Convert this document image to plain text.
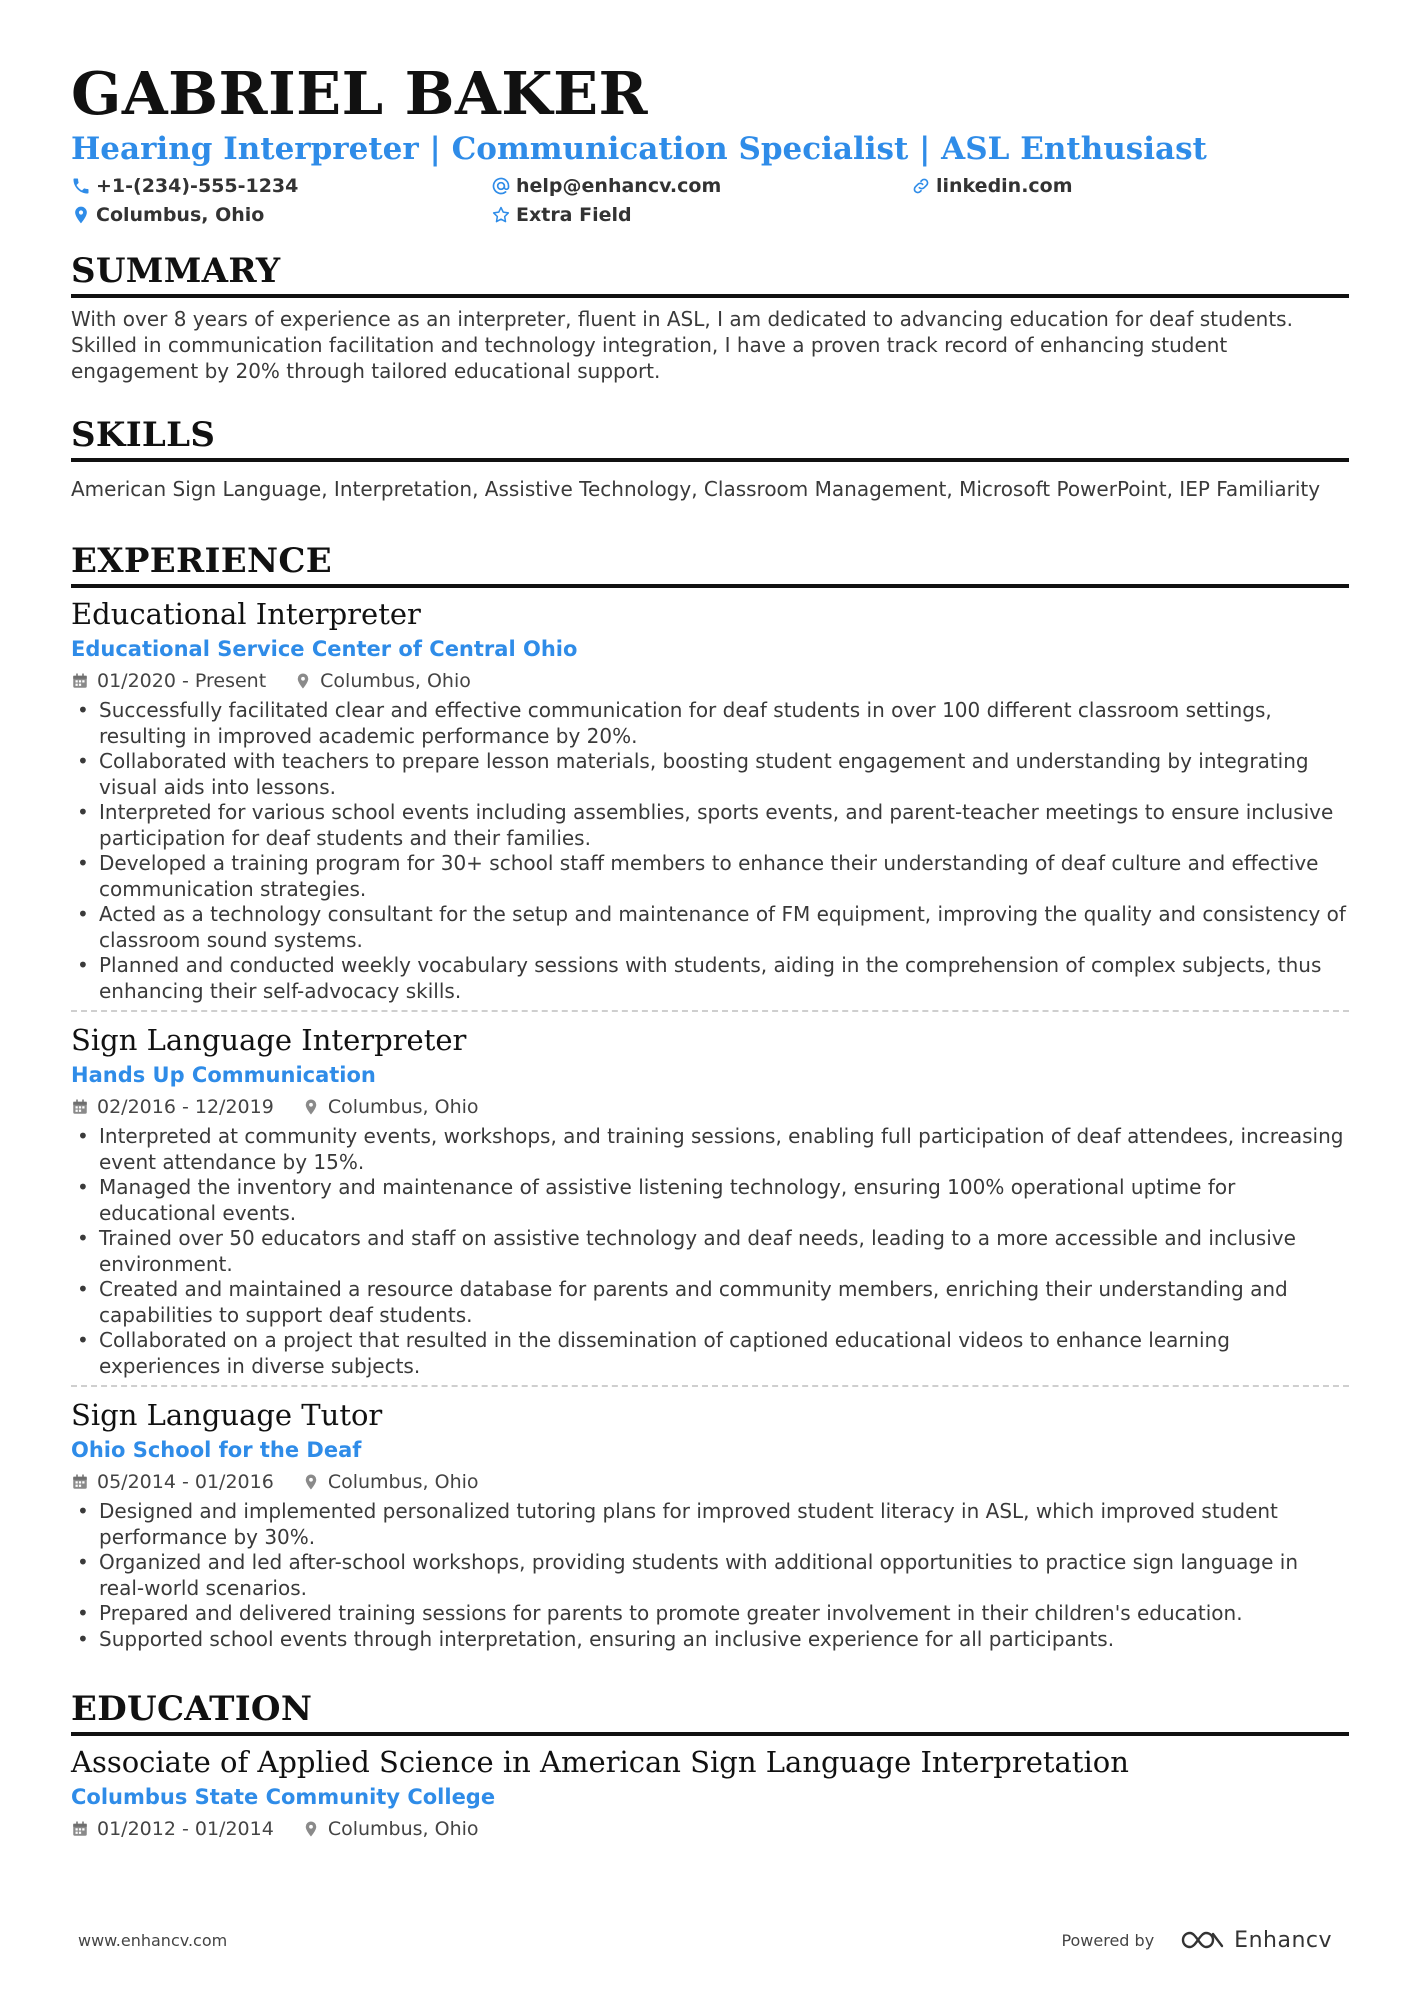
GABRIEL BAKER
Hearing Interpreter | Communication Specialist | ASL Enthusiast
+1-(234)-555-1234	help@enhancv.com	linkedin.com
Columbus, Ohio	Extra Field
SUMMARY
With over 8 years of experience as an interpreter, fluent in ASL, I am dedicated to advancing education for deaf students. Skilled in communication facilitation and technology integration, I have a proven track record of enhancing student engagement by 20% through tailored educational support.
SKILLS
American Sign Language, Interpretation, Assistive Technology, Classroom Management, Microsoft PowerPoint, IEP Familiarity
EXPERIENCE
Educational Interpreter
Educational Service Center of Central Ohio
01/2020 - Present	Columbus, Ohio
• Successfully facilitated clear and effective communication for deaf students in over 100 different classroom settings, resulting in improved academic performance by 20%.
• Collaborated with teachers to prepare lesson materials, boosting student engagement and understanding by integrating visual aids into lessons.
• Interpreted for various school events including assemblies, sports events, and parent-teacher meetings to ensure inclusive participation for deaf students and their families.
• Developed a training program for 30+ school staff members to enhance their understanding of deaf culture and effective communication strategies.
• Acted as a technology consultant for the setup and maintenance of FM equipment, improving the quality and consistency of classroom sound systems.
• Planned and conducted weekly vocabulary sessions with students, aiding in the comprehension of complex subjects, thus enhancing their self-advocacy skills.
Sign Language Interpreter
Hands Up Communication
02/2016 - 12/2019	Columbus, Ohio
• Interpreted at community events, workshops, and training sessions, enabling full participation of deaf attendees, increasing event attendance by 15%.
• Managed the inventory and maintenance of assistive listening technology, ensuring 100% operational uptime for educational events.
• Trained over 50 educators and staff on assistive technology and deaf needs, leading to a more accessible and inclusive environment.
• Created and maintained a resource database for parents and community members, enriching their understanding and capabilities to support deaf students.
• Collaborated on a project that resulted in the dissemination of captioned educational videos to enhance learning experiences in diverse subjects.
Sign Language Tutor
Ohio School for the Deaf
05/2014 - 01/2016	Columbus, Ohio
• Designed and implemented personalized tutoring plans for improved student literacy in ASL, which improved student performance by 30%.
• Organized and led after-school workshops, providing students with additional opportunities to practice sign language in real-world scenarios.
• Prepared and delivered training sessions for parents to promote greater involvement in their children's education.
• Supported school events through interpretation, ensuring an inclusive experience for all participants.
EDUCATION
Associate of Applied Science in American Sign Language Interpretation
Columbus State Community College
01/2012 - 01/2014	Columbus, Ohio
www.enhancv.com	Powered by	Enhancv
